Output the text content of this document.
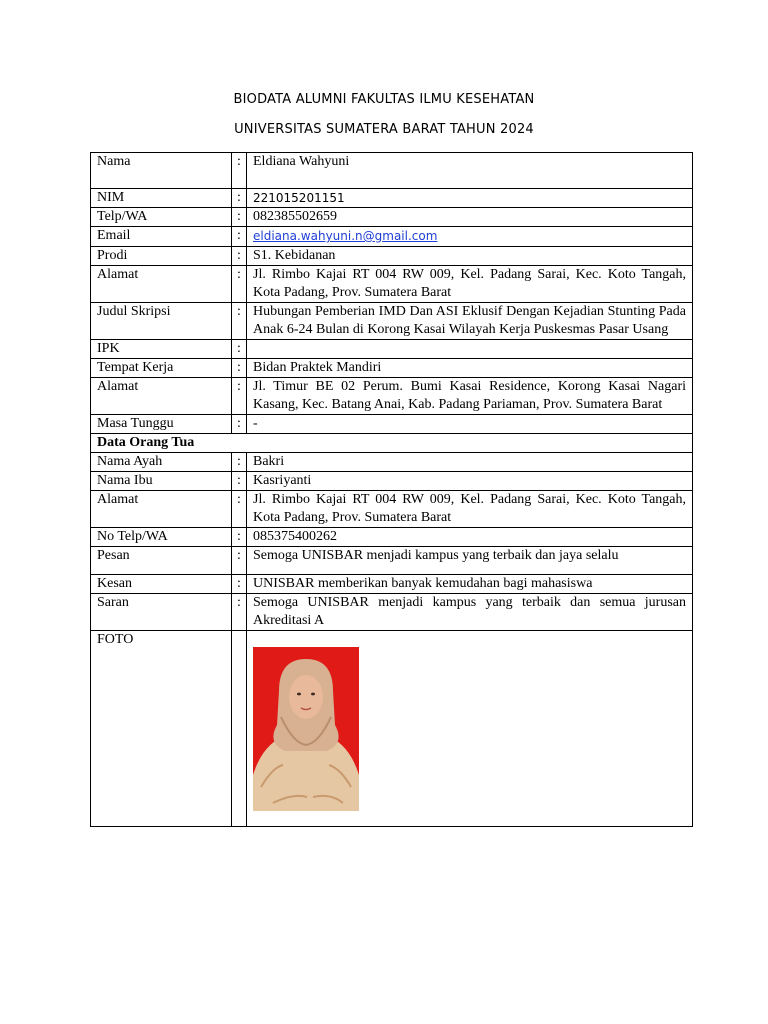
BIODATA ALUMNI FAKULTAS ILMU KESEHATAN
UNIVERSITAS SUMATERA BARAT TAHUN 2024
Nama	:	Eldiana Wahyuni
NIM	:	221015201151
Telp/WA	:	082385502659
Email	:	eldiana.wahyuni.n@gmail.com
Prodi	:	S1. Kebidanan
Alamat	:	Jl. Rimbo Kajai RT 004 RW 009, Kel. Padang Sarai, Kec. Koto Tangah, Kota Padang, Prov. Sumatera Barat
Judul Skripsi	:	Hubungan Pemberian IMD Dan ASI Eklusif Dengan Kejadian Stunting Pada Anak 6-24 Bulan di Korong Kasai Wilayah Kerja Puskesmas Pasar Usang
IPK	:	
Tempat Kerja	:	Bidan Praktek Mandiri
Alamat	:	Jl. Timur BE 02 Perum. Bumi Kasai Residence, Korong Kasai Nagari Kasang, Kec. Batang Anai, Kab. Padang Pariaman, Prov. Sumatera Barat
Masa Tunggu	:	-
Data Orang Tua		
Nama Ayah	:	Bakri
Nama Ibu	:	Kasriyanti
Alamat	:	Jl. Rimbo Kajai RT 004 RW 009, Kel. Padang Sarai, Kec. Koto Tangah, Kota Padang, Prov. Sumatera Barat
No Telp/WA	:	085375400262
Pesan	:	Semoga UNISBAR menjadi kampus yang terbaik dan jaya selalu
Kesan	:	UNISBAR memberikan banyak kemudahan bagi mahasiswa
Saran	:	Semoga UNISBAR menjadi kampus yang terbaik dan semua jurusan Akreditasi A
FOTO		
